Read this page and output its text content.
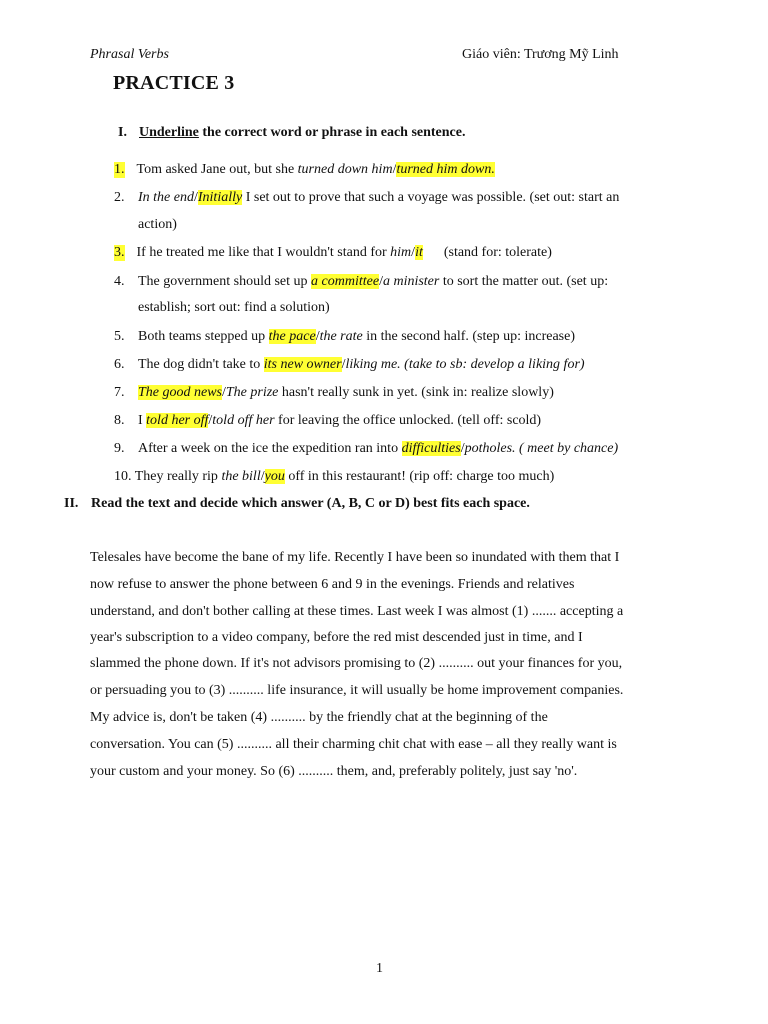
Phrasal Verbs	Giáo viên: Trương Mỹ Linh
PRACTICE 3
I. Underline the correct word or phrase in each sentence.
1. Tom asked Jane out, but she turned down him/turned him down.
2. In the end/Initially I set out to prove that such a voyage was possible. (set out: start an
action)
3. If he treated me like that I wouldn't stand for him/it      (stand for: tolerate)
4. The government should set up a committee/a minister to sort the matter out. (set up:
establish; sort out: find a solution)
5. Both teams stepped up the pace/the rate in the second half. (step up: increase)
6. The dog didn't take to its new owner/liking me. (take to sb: develop a liking for)
7. The good news/The prize hasn't really sunk in yet. (sink in: realize slowly)
8. I told her off/told off her for leaving the office unlocked. (tell off: scold)
9. After a week on the ice the expedition ran into difficulties/potholes. ( meet by chance)
10. They really rip the bill/you off in this restaurant! (rip off: charge too much)
II. Read the text and decide which answer (A, B, C or D) best fits each space.
Telesales have become the bane of my life. Recently I have been so inundated with them that I
now refuse to answer the phone between 6 and 9 in the evenings. Friends and relatives
understand, and don't bother calling at these times. Last week I was almost (1) ....... accepting a
year's subscription to a video company, before the red mist descended just in time, and I
slammed the phone down. If it's not advisors promising to (2) .......... out your finances for you,
or persuading you to (3) .......... life insurance, it will usually be home improvement companies.
My advice is, don't be taken (4) .......... by the friendly chat at the beginning of the
conversation. You can (5) .......... all their charming chit chat with ease – all they really want is
your custom and your money. So (6) .......... them, and, preferably politely, just say 'no'.
1
